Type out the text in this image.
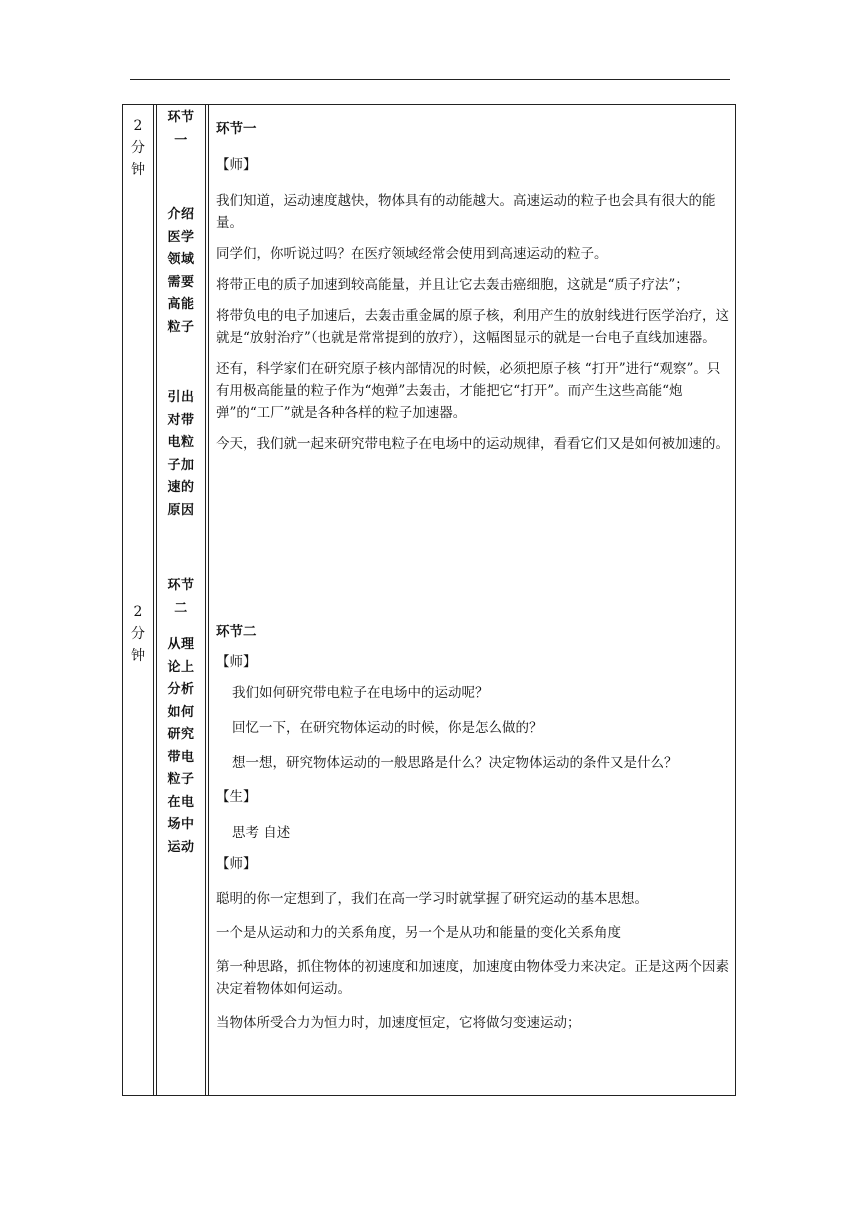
2
分
钟
2
分
钟
环节
一
介绍
医学
领域
需要
高能
粒子
引出
对带
电粒
子加
速的
原因
环节
二
从理
论上
分析
如何
研究
带电
粒子
在电
场中
运动

环节一

【师】

我们知道，运动速度越快，物体具有的动能越大。高速运动的粒子也会具有很大的能量。

同学们，你听说过吗？在医疗领域经常会使用到高速运动的粒子。

将带正电的质子加速到较高能量，并且让它去轰击癌细胞，这就是“质子疗法”；

将带负电的电子加速后，去轰击重金属的原子核，利用产生的放射线进行医学治疗，这就是“放射治疗”（也就是常常提到的放疗），这幅图显示的就是一台电子直线加速器。

还有，科学家们在研究原子核内部情况的时候，必须把原子核 “打开”进行“观察”。只有用极高能量的粒子作为“炮弹”去轰击，才能把它“打开”。而产生这些高能“炮弹”的“工厂”就是各种各样的粒子加速器。

今天，我们就一起来研究带电粒子在电场中的运动规律，看看它们又是如何被加速的。

环节二

【师】

我们如何研究带电粒子在电场中的运动呢？

回忆一下，在研究物体运动的时候，你是怎么做的？

想一想，研究物体运动的一般思路是什么？决定物体运动的条件又是什么？

【生】

思考 自述

【师】

聪明的你一定想到了，我们在高一学习时就掌握了研究运动的基本思想。

一个是从运动和力的关系角度，另一个是从功和能量的变化关系角度

第一种思路，抓住物体的初速度和加速度，加速度由物体受力来决定。正是这两个因素决定着物体如何运动。

当物体所受合力为恒力时，加速度恒定，它将做匀变速运动；
